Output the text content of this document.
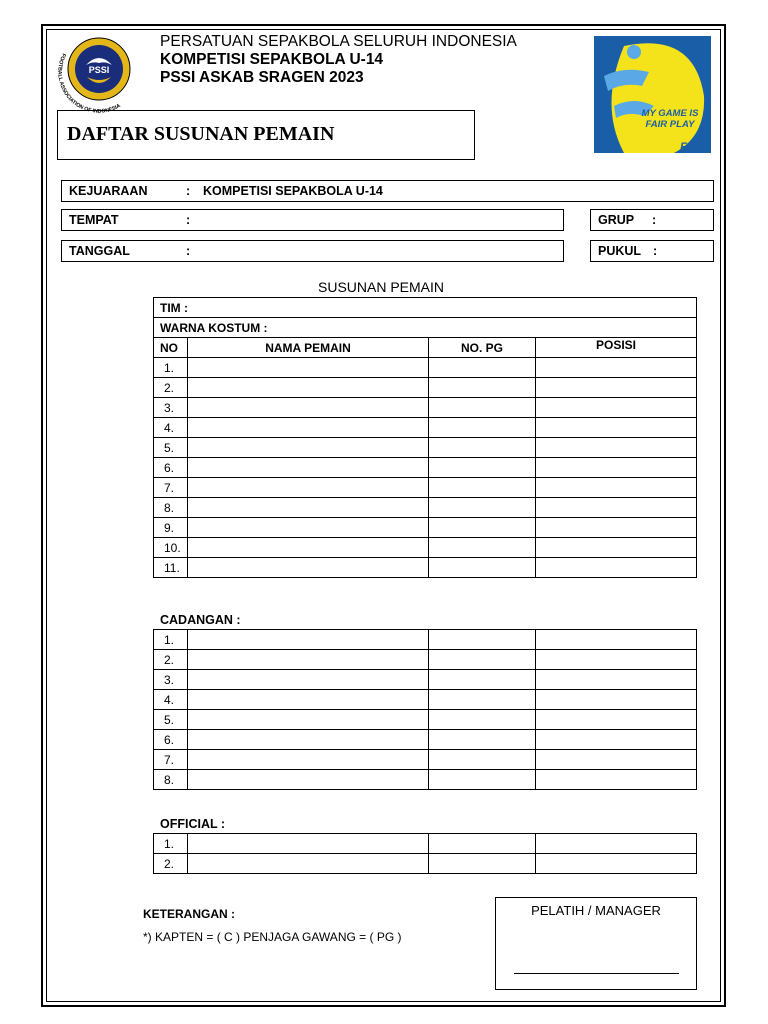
PSSI
FOOTBALL ASSOCIATION OF INDONESIA
PERSATUAN SEPAKBOLA SELURUH INDONESIA
KOMPETISI SEPAKBOLA U-14
PSSI ASKAB SRAGEN 2023
MY GAME IS
FAIR PLAY
FIFA
DAFTAR SUSUNAN PEMAIN
KEJUARAAN	: KOMPETISI SEPAKBOLA U-14
TEMPAT	:	GRUP :
TANGGAL	:	PUKUL :
SUSUNAN PEMAIN
TIM :			
WARNA KOSTUM :			
NO	NAMA PEMAIN	NO. PG	POSISI
1.			
2.			
3.			
4.			
5.			
6.			
7.			
8.			
9.			
10.			
11.			
CADANGAN :
1.			
2.			
3.			
4.			
5.			
6.			
7.			
8.			
OFFICIAL :
1.			
2.			
KETERANGAN :
*) KAPTEN = ( C ) PENJAGA GAWANG = ( PG )
PELATIH / MANAGER
